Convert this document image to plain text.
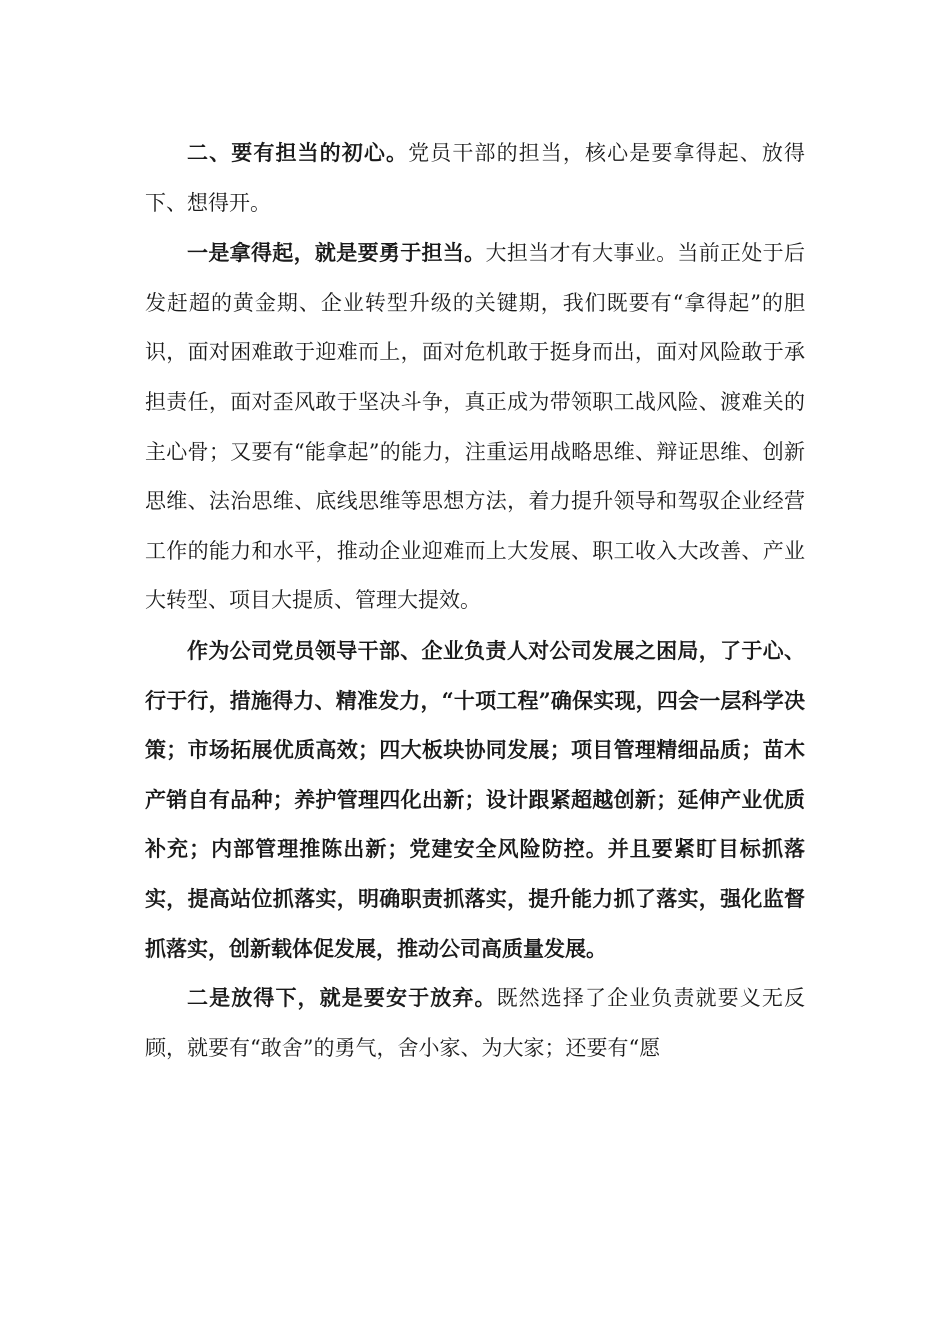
二、要有担当的初心。党员干部的担当，核心是要拿得起、放得下、想得开。

一是拿得起，就是要勇于担当。大担当才有大事业。当前正处于后发赶超的黄金期、企业转型升级的关键期，我们既要有“拿得起”的胆识，面对困难敢于迎难而上，面对危机敢于挺身而出，面对风险敢于承担责任，面对歪风敢于坚决斗争，真正成为带领职工战风险、渡难关的主心骨；又要有“能拿起”的能力，注重运用战略思维、辩证思维、创新思维、法治思维、底线思维等思想方法，着力提升领导和驾驭企业经营工作的能力和水平，推动企业迎难而上大发展、职工收入大改善、产业大转型、项目大提质、管理大提效。

作为公司党员领导干部、企业负责人对公司发展之困局，了于心、行于行，措施得力、精准发力，“十项工程”确保实现，四会一层科学决策；市场拓展优质高效；四大板块协同发展；项目管理精细品质；苗木产销自有品种；养护管理四化出新；设计跟紧超越创新；延伸产业优质补充；内部管理推陈出新；党建安全风险防控。并且要紧盯目标抓落实，提高站位抓落实，明确职责抓落实，提升能力抓了落实，强化监督抓落实，创新载体促发展，推动公司高质量发展。

二是放得下，就是要安于放弃。既然选择了企业负责就要义无反顾，就要有“敢舍”的勇气，舍小家、为大家；还要有“愿
